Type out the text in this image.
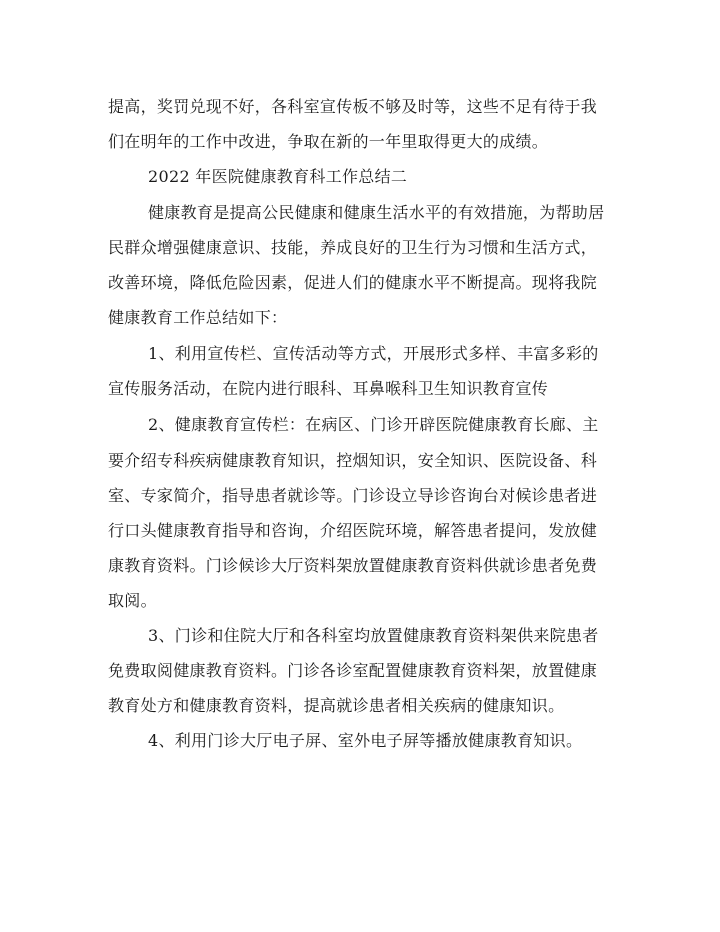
提高，奖罚兑现不好，各科室宣传板不够及时等，这些不足有待于我
们在明年的工作中改进，争取在新的一年里取得更大的成绩。
2022 年医院健康教育科工作总结二
健康教育是提高公民健康和健康生活水平的有效措施，为帮助居
民群众增强健康意识、技能，养成良好的卫生行为习惯和生活方式，
改善环境，降低危险因素，促进人们的健康水平不断提高。现将我院
健康教育工作总结如下：
1、利用宣传栏、宣传活动等方式，开展形式多样、丰富多彩的
宣传服务活动，在院内进行眼科、耳鼻喉科卫生知识教育宣传
2、健康教育宣传栏：在病区、门诊开辟医院健康教育长廊、主
要介绍专科疾病健康教育知识，控烟知识，安全知识、医院设备、科
室、专家简介，指导患者就诊等。门诊设立导诊咨询台对候诊患者进
行口头健康教育指导和咨询，介绍医院环境，解答患者提问，发放健
康教育资料。门诊候诊大厅资料架放置健康教育资料供就诊患者免费
取阅。
3、门诊和住院大厅和各科室均放置健康教育资料架供来院患者
免费取阅健康教育资料。门诊各诊室配置健康教育资料架，放置健康
教育处方和健康教育资料，提高就诊患者相关疾病的健康知识。
4、利用门诊大厅电子屏、室外电子屏等播放健康教育知识。
